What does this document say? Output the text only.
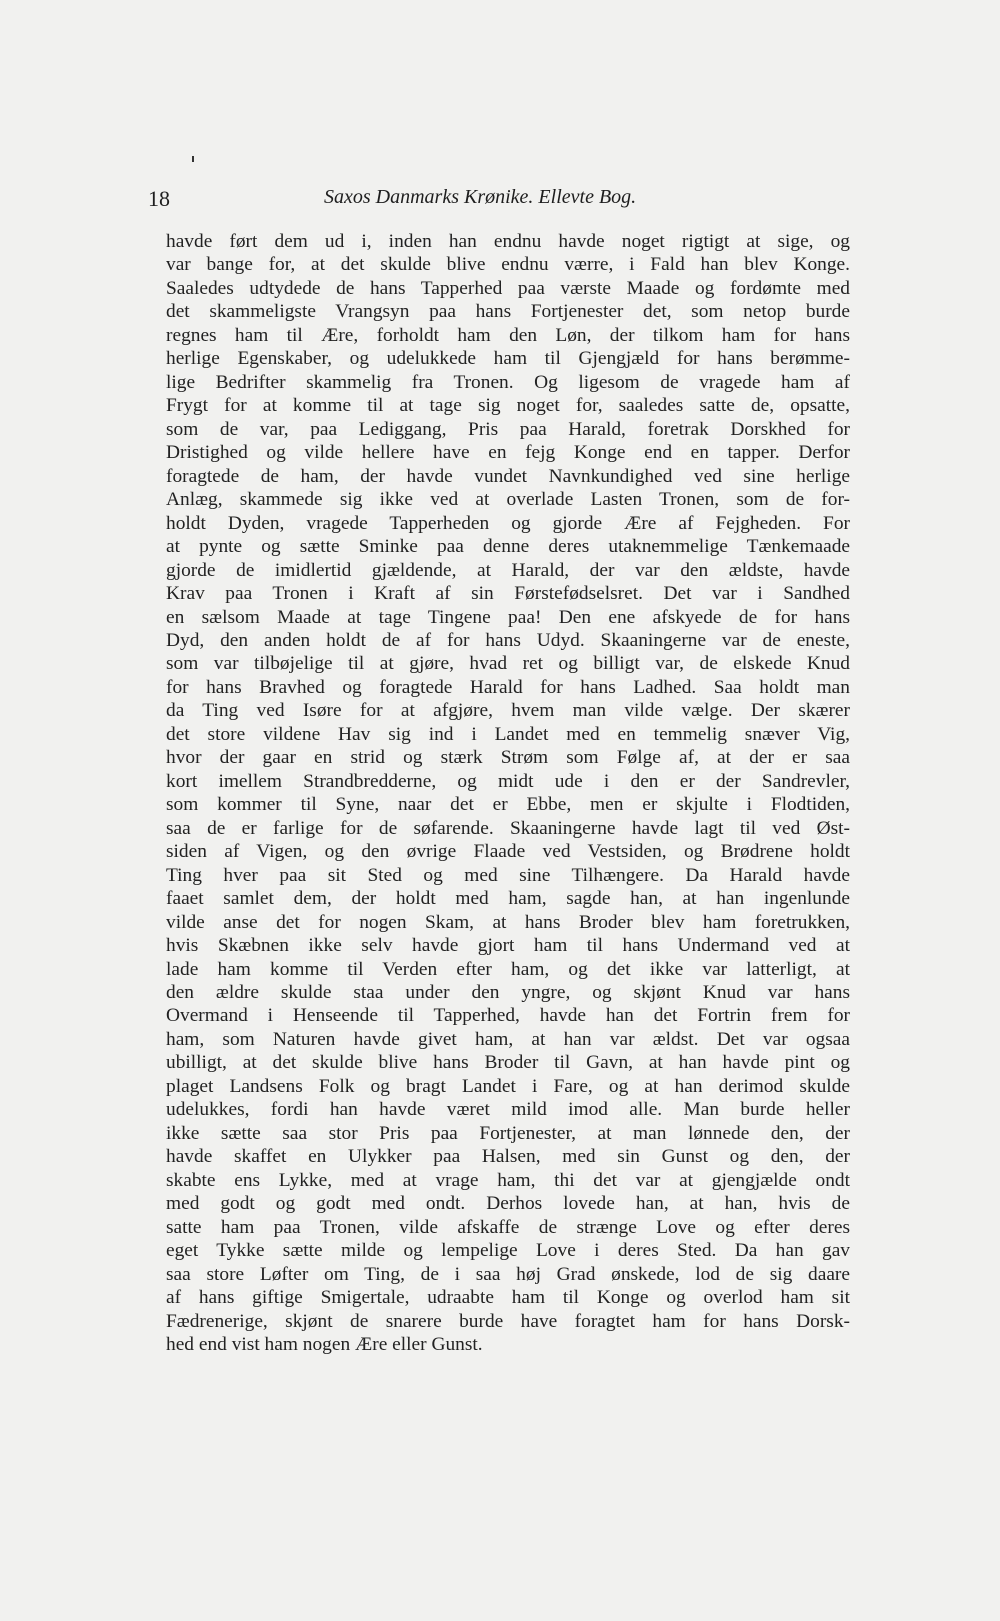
18	Saxos Danmarks Krønike. Ellevte Bog.
havde ført dem ud i, inden han endnu havde noget rigtigt at sige, og
var bange for, at det skulde blive endnu værre, i Fald han blev Konge.
Saaledes udtydede de hans Tapperhed paa værste Maade og fordømte med
det skammeligste Vrangsyn paa hans Fortjenester det, som netop burde
regnes ham til Ære, forholdt ham den Løn, der tilkom ham for hans
herlige Egenskaber, og udelukkede ham til Gjengjæld for hans berømme-
lige Bedrifter skammelig fra Tronen. Og ligesom de vragede ham af
Frygt for at komme til at tage sig noget for, saaledes satte de, opsatte,
som de var, paa Lediggang, Pris paa Harald, foretrak Dorskhed for
Dristighed og vilde hellere have en fejg Konge end en tapper. Derfor
foragtede de ham, der havde vundet Navnkundighed ved sine herlige
Anlæg, skammede sig ikke ved at overlade Lasten Tronen, som de for-
holdt Dyden, vragede Tapperheden og gjorde Ære af Fejgheden. For
at pynte og sætte Sminke paa denne deres utaknemmelige Tænkemaade
gjorde de imidlertid gjældende, at Harald, der var den ældste, havde
Krav paa Tronen i Kraft af sin Førstefødselsret. Det var i Sandhed
en sælsom Maade at tage Tingene paa! Den ene afskyede de for hans
Dyd, den anden holdt de af for hans Udyd. Skaaningerne var de eneste,
som var tilbøjelige til at gjøre, hvad ret og billigt var, de elskede Knud
for hans Bravhed og foragtede Harald for hans Ladhed. Saa holdt man
da Ting ved Isøre for at afgjøre, hvem man vilde vælge. Der skærer
det store vildene Hav sig ind i Landet med en temmelig snæver Vig,
hvor der gaar en strid og stærk Strøm som Følge af, at der er saa
kort imellem Strandbredderne, og midt ude i den er der Sandrevler,
som kommer til Syne, naar det er Ebbe, men er skjulte i Flodtiden,
saa de er farlige for de søfarende. Skaaningerne havde lagt til ved Øst-
siden af Vigen, og den øvrige Flaade ved Vestsiden, og Brødrene holdt
Ting hver paa sit Sted og med sine Tilhængere. Da Harald havde
faaet samlet dem, der holdt med ham, sagde han, at han ingenlunde
vilde anse det for nogen Skam, at hans Broder blev ham foretrukken,
hvis Skæbnen ikke selv havde gjort ham til hans Undermand ved at
lade ham komme til Verden efter ham, og det ikke var latterligt, at
den ældre skulde staa under den yngre, og skjønt Knud var hans
Overmand i Henseende til Tapperhed, havde han det Fortrin frem for
ham, som Naturen havde givet ham, at han var ældst. Det var ogsaa
ubilligt, at det skulde blive hans Broder til Gavn, at han havde pint og
plaget Landsens Folk og bragt Landet i Fare, og at han derimod skulde
udelukkes, fordi han havde været mild imod alle. Man burde heller
ikke sætte saa stor Pris paa Fortjenester, at man lønnede den, der
havde skaffet en Ulykker paa Halsen, med sin Gunst og den, der
skabte ens Lykke, med at vrage ham, thi det var at gjengjælde ondt
med godt og godt med ondt. Derhos lovede han, at han, hvis de
satte ham paa Tronen, vilde afskaffe de strænge Love og efter deres
eget Tykke sætte milde og lempelige Love i deres Sted. Da han gav
saa store Løfter om Ting, de i saa høj Grad ønskede, lod de sig daare
af hans giftige Smigertale, udraabte ham til Konge og overlod ham sit
Fædrenerige, skjønt de snarere burde have foragtet ham for hans Dorsk-
hed end vist ham nogen Ære eller Gunst.
